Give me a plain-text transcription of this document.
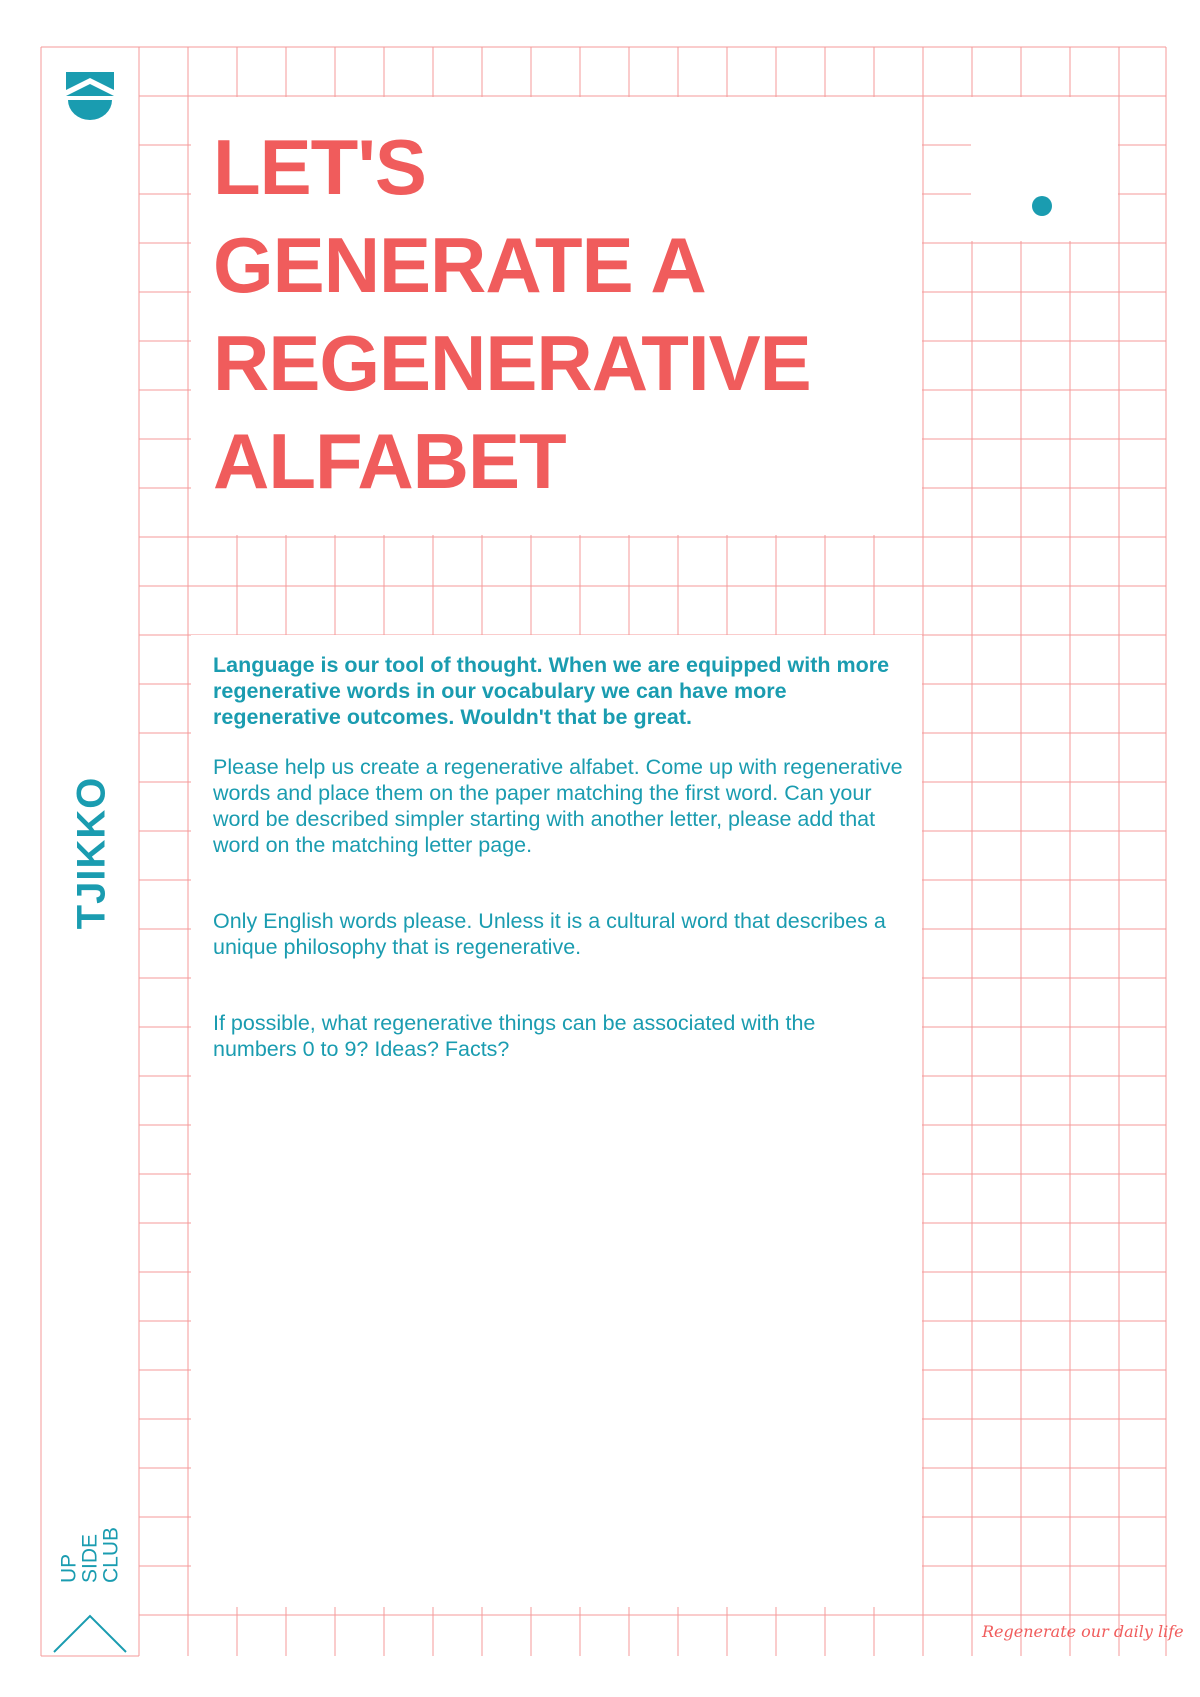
LET'S
GENERATE A
REGENERATIVE
ALFABET

Language is our tool of thought. When we are equipped with more regenerative words in our vocabulary we can have more regenerative outcomes. Wouldn't that be great.

Please help us create a regenerative alfabet. Come up with regenerative words and place them on the paper matching the first word. Can your word be described simpler starting with another letter, please add that word on the matching letter page.

Only English words please. Unless it is a cultural word that describes a unique philosophy that is regenerative.

If possible, what regenerative things can be associated with the numbers 0 to 9? Ideas? Facts?

TJIKKO
UP
SIDE
CLUB
Regenerate our daily life
